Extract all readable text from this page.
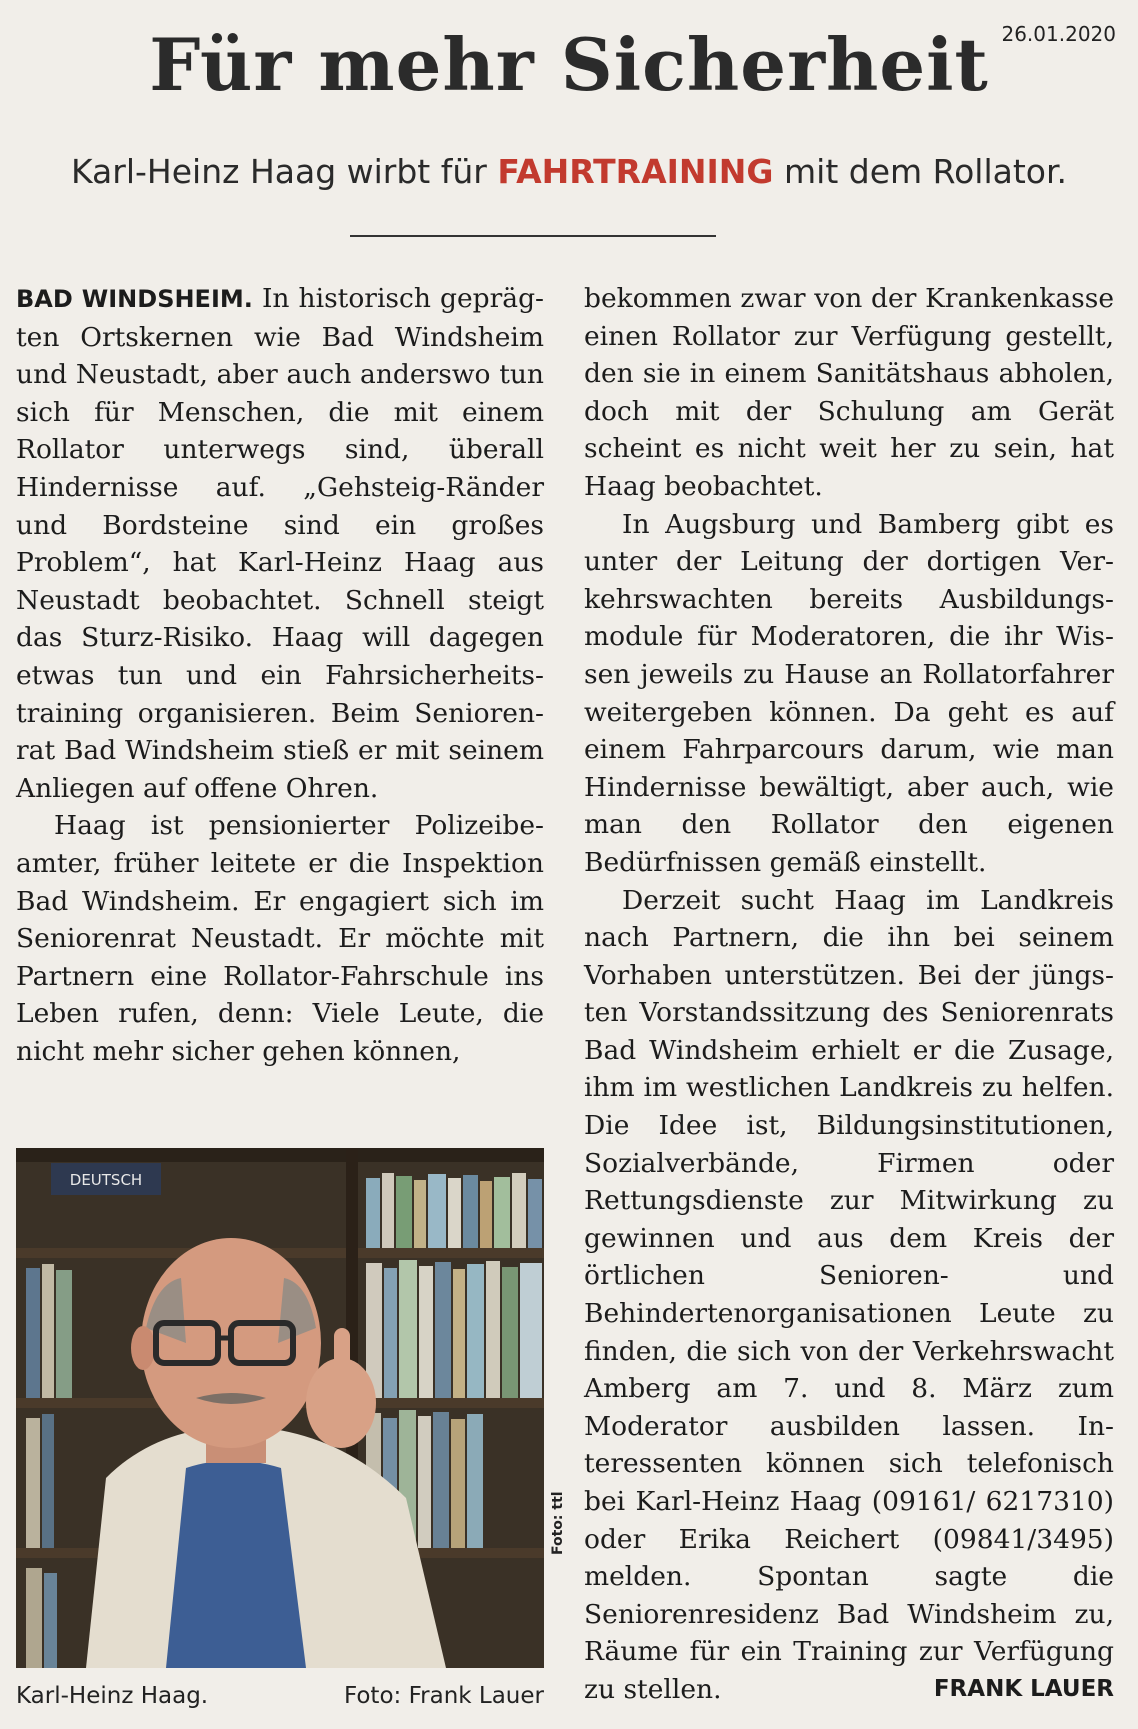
26.01.2020
Für mehr Sicherheit
Karl-Heinz Haag wirbt für FAHRTRAINING mit dem Rollator.

BAD WINDSHEIM. In historisch geprägten Ortskernen wie Bad Windsheim und Neustadt, aber auch anderswo tun sich für Menschen, die mit einem Rollator unterwegs sind, überall Hindernisse auf. „Gehsteig-Ränder und Bordsteine sind ein großes Problem“, hat Karl-Heinz Haag aus Neustadt beobachtet. Schnell steigt das Sturz-Risiko. Haag will dagegen etwas tun und ein Fahrsicherheitstraining organisieren. Beim Seniorenrat Bad Windsheim stieß er mit seinem Anliegen auf offene Ohren.

Haag ist pensionierter Polizeibeamter, früher leitete er die Inspektion Bad Windsheim. Er engagiert sich im Seniorenrat Neustadt. Er möchte mit Partnern eine Rollator-Fahrschule ins Leben rufen, denn: Viele Leute, die nicht mehr sicher gehen können,

bekommen zwar von der Krankenkasse einen Rollator zur Verfügung gestellt, den sie in einem Sanitätshaus abholen, doch mit der Schulung am Gerät scheint es nicht weit her zu sein, hat Haag beobachtet.

In Augsburg und Bamberg gibt es unter der Leitung der dortigen Verkehrswachten bereits Ausbildungsmodule für Moderatoren, die ihr Wissen jeweils zu Hause an Rollatorfahrer weitergeben können. Da geht es auf einem Fahrparcours darum, wie man Hindernisse bewältigt, aber auch, wie man den Rollator den eigenen Bedürfnissen gemäß einstellt.

Derzeit sucht Haag im Landkreis nach Partnern, die ihn bei seinem Vorhaben unterstützen. Bei der jüngsten Vorstandssitzung des Seniorenrats Bad Windsheim erhielt er die Zusage, ihm im westlichen Landkreis zu helfen. Die Idee ist, Bildungsinstitutionen, Sozialverbände, Firmen oder Rettungsdienste zur Mitwirkung zu gewinnen und aus dem Kreis der örtlichen Senioren- und Behindertenorganisationen Leute zu finden, die sich von der Verkehrswacht Amberg am 7. und 8. März zum Moderator ausbilden lassen. Interessenten können sich telefonisch bei Karl-Heinz Haag (09161/ 6217310) oder Erika Reichert (09841/3495) melden. Spontan sagte die Seniorenresidenz Bad Windsheim zu, Räume für ein Training zur Verfügung zu stellen.	FRANK LAUER

DEUTSCH
Foto: ttl
Karl-Heinz Haag.	Foto: Frank Lauer
